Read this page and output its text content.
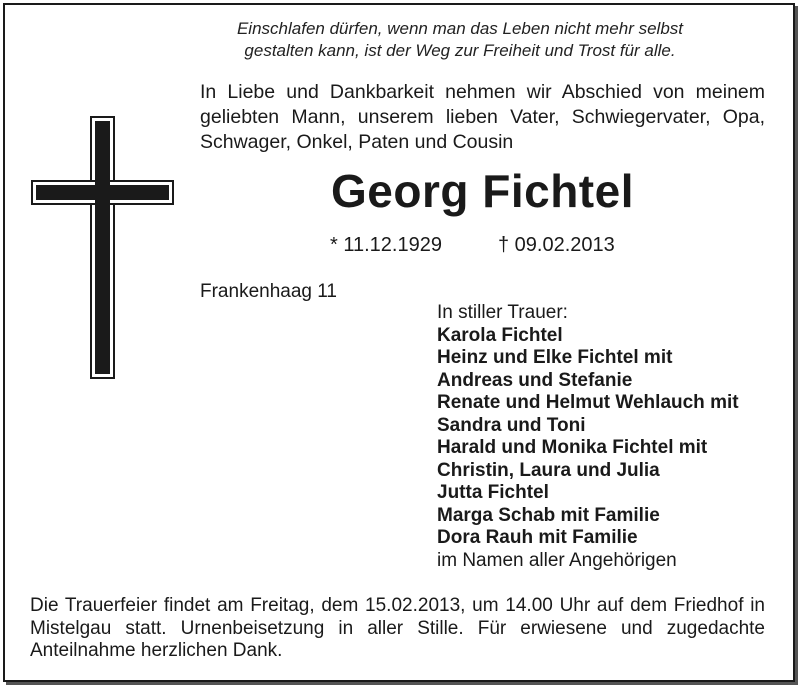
Einschlafen dürfen, wenn man das Leben nicht mehr selbst
gestalten kann, ist der Weg zur Freiheit und Trost für alle.

In Liebe und Dankbarkeit nehmen wir Abschied von meinem

geliebten Mann, unserem lieben Vater, Schwiegervater, Opa,

Schwager, Onkel, Paten und Cousin

Georg Fichtel
* 11.12.1929	† 09.02.2013
Frankenhaag 11
In stiller Trauer:
Karola Fichtel
Heinz und Elke Fichtel mit
Andreas und Stefanie
Renate und Helmut Wehlauch mit
Sandra und Toni
Harald und Monika Fichtel mit
Christin, Laura und Julia
Jutta Fichtel
Marga Schab mit Familie
Dora Rauh mit Familie
im Namen aller Angehörigen
Die Trauerfeier findet am Freitag, dem 15.02.2013, um 14.00 Uhr auf dem Friedhof in Mistelgau statt. Urnenbeisetzung in aller Stille. Für erwiesene und zugedachte Anteilnahme herzlichen Dank.
